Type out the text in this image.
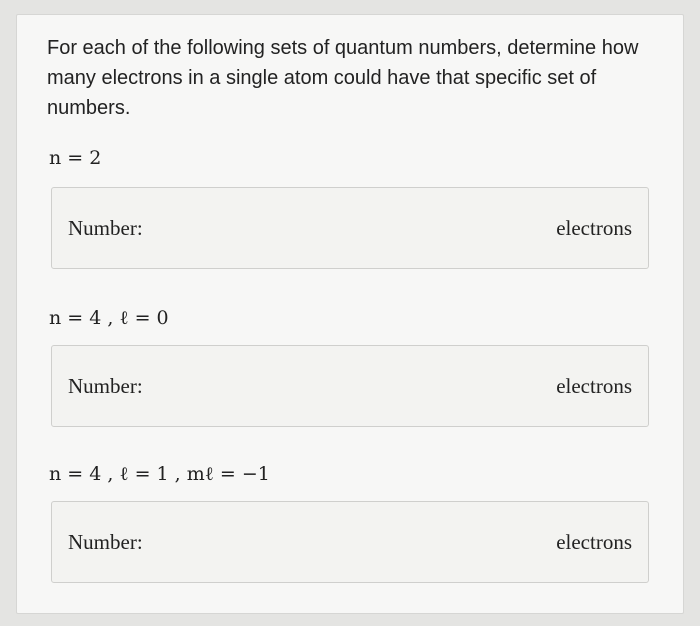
For each of the following sets of quantum numbers, determine how many electrons in a single atom could have that specific set of numbers.
n = 2
Number:	electrons
n = 4 , ℓ = 0
Number:	electrons
n = 4 , ℓ = 1 , mℓ = −1
Number:	electrons
